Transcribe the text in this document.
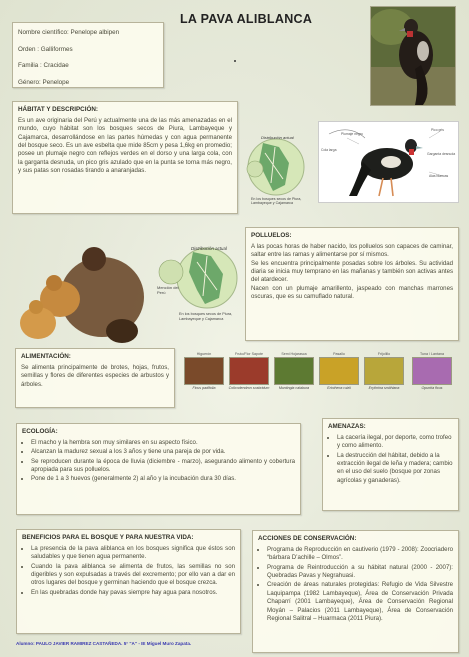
LA PAVA ALIBLANCA
Nombre científico: Penelope albipen
Orden : Galliformes
Familia : Cracidae
Género: Penelope
HÁBITAT Y DESCRIPCIÓN:

Es un ave originaria del Perú y actualmente una de las más amenazadas en el mundo, cuyo hábitat son los bosques secos de Piura, Lambayeque y Cajamarca, desarrollándose en las partes húmedas y con agua permanente del bosque seco. Es un ave esbelta que mide 85cm y pesa 1,6kg en promedio; posee un plumaje negro con reflejos verdes en el dorso y una larga cola, con la garganta desnuda, un pico gris azulado que en la punta se torna más negro, y sus patas son rosadas tirando a anaranjadas.

Distribución actual
En los bosques secos de Piura, Lambayeque y Cajamarca
Plumaje negro
Cola larga
Garganta desnuda
Pico gris
Alas blancas
Distribución actual
Mención del Perú
En los bosques secos de Piura, Lambayeque y Cajamarca
POLLUELOS:

A las pocas horas de haber nacido, los polluelos son capaces de caminar, saltar entre las ramas y alimentarse por sí mismos.

Se les encuentra principalmente posadas sobre los árboles. Su actividad diaria se inicia muy temprano en las mañanas y también son activas antes del atardecer.

Nacen con un plumaje amarillento, jaspeado con manchas marrones oscuras, que es su camuflado natural.

ALIMENTACIÓN:

Se alimenta principalmente de brotes, hojas, frutos, semillas y flores de diferentes especies de arbustos y árboles.

Higuerón
Ficus padifolia
Fruto/Flor Sapote
Colicodendron scabridum
Semi Hojarasca
Muntingia calabura
Pasallo
Eriotheca ruizii
Frijolillo
Erythrina smithiana
Tuna / Lantana
Opuntia ficus
ECOLOGÍA:
• El macho y la hembra son muy similares en su aspecto físico.
• Alcanzan la madurez sexual a los 3 años y tiene una pareja de por vida.
• Se reproducen durante la época de lluvia (diciembre - marzo), asegurando alimento y cobertura apropiada para sus polluelos.
• Pone de 1 a 3 huevos (generalmente 2) al año y la incubación dura 30 días.
AMENAZAS:
• La cacería ilegal, por deporte, como trofeo y como alimento.
• La destrucción del hábitat, debido a la extracción ilegal de leña y madera; cambio en el uso del suelo (bosque por zonas agrícolas y ganaderas).
BENEFICIOS PARA EL BOSQUE Y PARA NUESTRA VIDA:
• La presencia de la pava aliblanca en los bosques significa que éstos son saludables y que tienen agua permanente.
• Cuando la pava aliblanca se alimenta de frutos, las semillas no son digeribles y son expulsadas a través del excremento; por ello van a dar en otros lugares del bosque y germinan haciendo que el bosque crezca.
• En las quebradas donde hay pavas siempre hay agua para nosotros.
ACCIONES DE CONSERVACIÓN:
• Programa de Reproducción en cautiverio (1979 - 2008): Zoocriadero “bárbara D’achille – Olmos”.
• Programa de Reintroducción a su hábitat natural (2000 - 2007): Quebradas Pavas y Negrahuasi.
• Creación de áreas naturales protegidas: Refugio de Vida Silvestre Laquipampa (1982 Lambayeque), Área de Conservación Privada Chaparrí (2001 Lambayeque), Área de Conservación Regional Moyán – Palacios (2011 Lambayeque), Área de Conservación Regional Salitral – Huarmaca (2011 Piura).
Alumno: PAULO JAVIER RAMIREZ CASTAÑEDA. 5° "A" - IE Miguel Muro Zapata.
